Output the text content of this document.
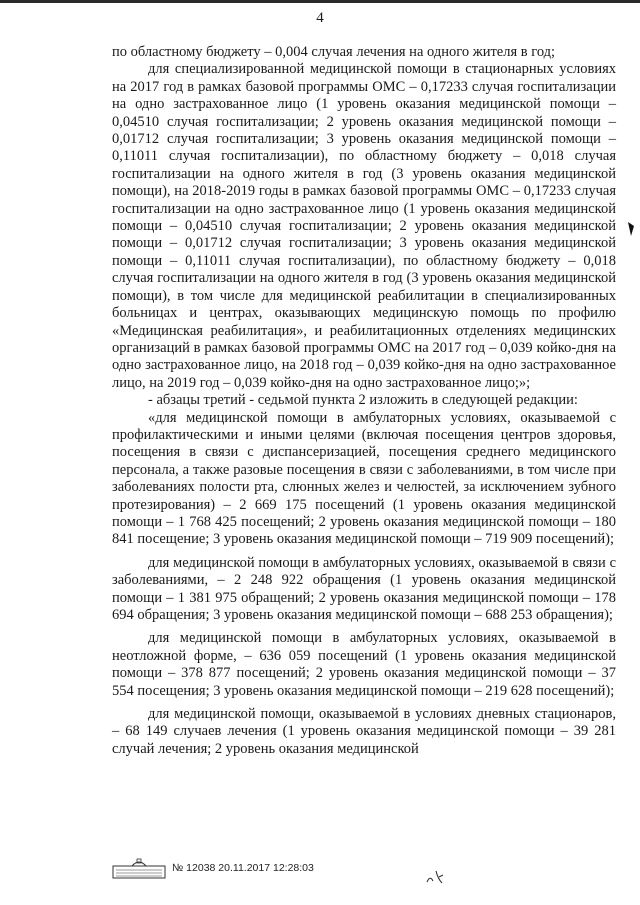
4

по областному бюджету – 0,004 случая лечения на одного жителя в год;

для специализированной медицинской помощи в стационарных условиях на 2017 год в рамках базовой программы ОМС – 0,17233 случая госпитализации на одно застрахованное лицо (1 уровень оказания медицинской помощи – 0,04510 случая госпитализации; 2 уровень оказания медицинской помощи – 0,01712 случая госпитализации; 3 уровень оказания медицинской помощи – 0,11011 случая госпитализации), по областному бюджету – 0,018 случая госпитализации на одного жителя в год (3 уровень оказания медицинской помощи), на 2018-2019 годы в рамках базовой программы ОМС – 0,17233 случая госпитализации на одно застрахованное лицо (1 уровень оказания медицинской помощи – 0,04510 случая госпитализации; 2 уровень оказания медицинской помощи – 0,01712 случая госпитализации; 3 уровень оказания медицинской помощи – 0,11011 случая госпитализации), по областному бюджету – 0,018 случая госпитализации на одного жителя в год (3 уровень оказания медицинской помощи), в том числе для медицинской реабилитации в специализированных больницах и центрах, оказывающих медицинскую помощь по профилю «Медицинская реабилитация», и реабилитационных отделениях медицинских организаций в рамках базовой программы ОМС на 2017 год – 0,039 койко-дня на одно застрахованное лицо, на 2018 год – 0,039 койко-дня на одно застрахованное лицо, на 2019 год – 0,039 койко-дня на одно застрахованное лицо;»;

- абзацы третий - седьмой пункта 2 изложить в следующей редакции:

«для медицинской помощи в амбулаторных условиях, оказываемой с профилактическими и иными целями (включая посещения центров здоровья, посещения в связи с диспансеризацией, посещения среднего медицинского персонала, а также разовые посещения в связи с заболеваниями, в том числе при заболеваниях полости рта, слюнных желез и челюстей, за исключением зубного протезирования) – 2 669 175 посещений (1 уровень оказания медицинской помощи – 1 768 425 посещений; 2 уровень оказания медицинской помощи – 180 841 посещение; 3 уровень оказания медицинской помощи – 719 909 посещений);

для медицинской помощи в амбулаторных условиях, оказываемой в связи с заболеваниями, – 2 248 922 обращения (1 уровень оказания медицинской помощи – 1 381 975 обращений; 2 уровень оказания медицинской помощи – 178 694 обращения; 3 уровень оказания медицинской помощи – 688 253 обращения);

для медицинской помощи в амбулаторных условиях, оказываемой в неотложной форме, – 636 059 посещений (1 уровень оказания медицинской помощи – 378 877 посещений; 2 уровень оказания медицинской помощи – 37 554 посещения; 3 уровень оказания медицинской помощи – 219 628 посещений);

для медицинской помощи, оказываемой в условиях дневных стационаров, – 68 149 случаев лечения (1 уровень оказания медицинской помощи – 39 281 случай лечения; 2 уровень оказания медицинской

№ 12038 20.11.2017 12:28:03
